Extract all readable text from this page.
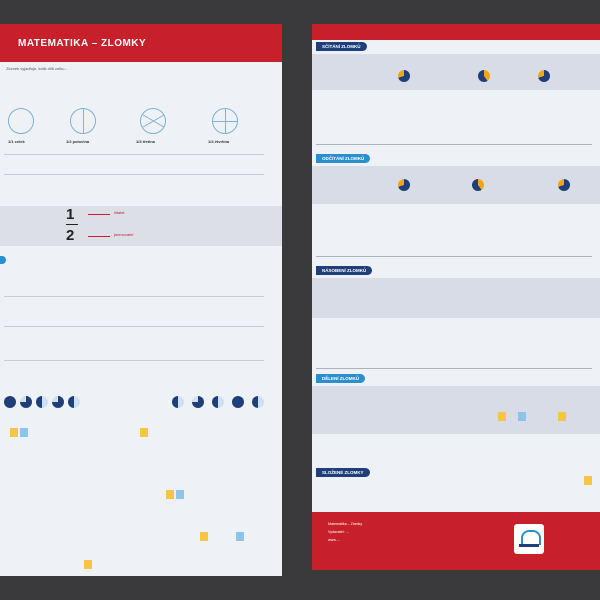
MATEMATIKA – ZLOMKY
Zlomek vyjadřuje, kolik dílů celku…
1/1 celek	1/2 polovina	1/3 třetina	1/4 čtvrtina
1
2
čitatel
jmenovatel
SČÍTÁNÍ ZLOMKŮ
ODČÍTÁNÍ ZLOMKŮ
NÁSOBENÍ ZLOMKŮ
DĚLENÍ ZLOMKŮ
SLOŽENÉ ZLOMKY
Matematika – Zlomky
Vydavatel: …
www.…
